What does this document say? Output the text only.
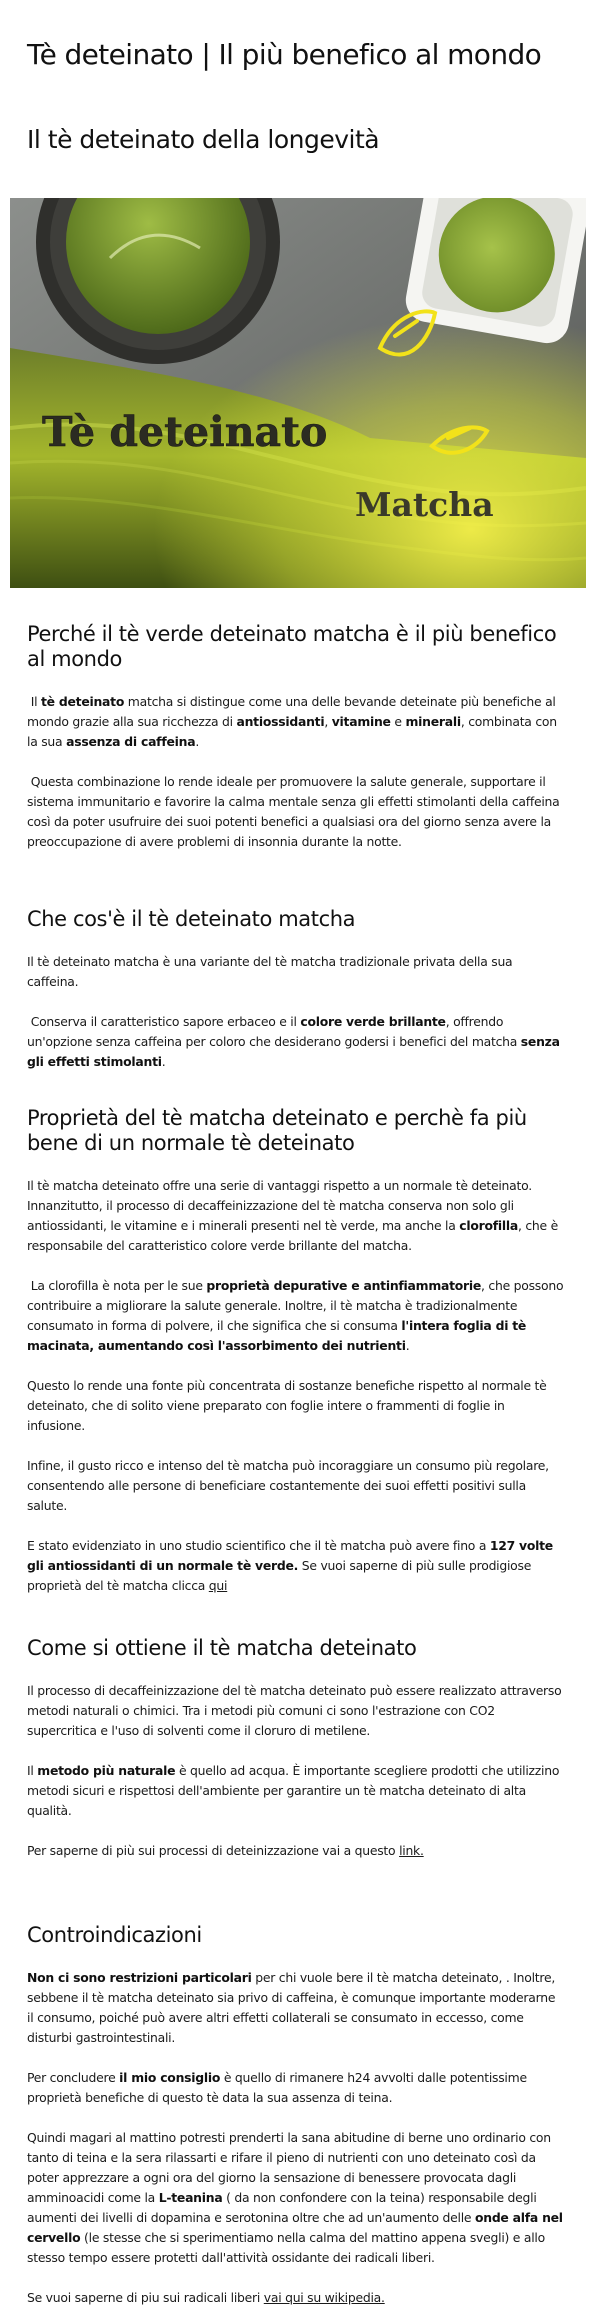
Tè deteinato | Il più benefico al mondo
Il tè deteinato della longevità
Tè deteinato
Matcha
Perché il tè verde deteinato matcha è il più benefico al mondo

Il tè deteinato matcha si distingue come una delle bevande deteinate più benefiche al mondo grazie alla sua ricchezza di antiossidanti, vitamine e minerali, combinata con la sua assenza di caffeina.

Questa combinazione lo rende ideale per promuovere la salute generale, supportare il sistema immunitario e favorire la calma mentale senza gli effetti stimolanti della caffeina così da poter usufruire dei suoi potenti benefici a qualsiasi ora del giorno senza avere la preoccupazione di avere problemi di insonnia durante la notte.

Che cos'è il tè deteinato matcha

Il tè deteinato matcha è una variante del tè matcha tradizionale privata della sua caffeina.

Conserva il caratteristico sapore erbaceo e il colore verde brillante, offrendo un'opzione senza caffeina per coloro che desiderano godersi i benefici del matcha senza gli effetti stimolanti.

Proprietà del tè matcha deteinato e perchè fa più bene di un normale tè deteinato

Il tè matcha deteinato offre una serie di vantaggi rispetto a un normale tè deteinato. Innanzitutto, il processo di decaffeinizzazione del tè matcha conserva non solo gli antiossidanti, le vitamine e i minerali presenti nel tè verde, ma anche la clorofilla, che è responsabile del caratteristico colore verde brillante del matcha.

La clorofilla è nota per le sue proprietà depurative e antinfiammatorie, che possono contribuire a migliorare la salute generale. Inoltre, il tè matcha è tradizionalmente consumato in forma di polvere, il che significa che si consuma l'intera foglia di tè macinata, aumentando così l'assorbimento dei nutrienti.

Questo lo rende una fonte più concentrata di sostanze benefiche rispetto al normale tè deteinato, che di solito viene preparato con foglie intere o frammenti di foglie in infusione.

Infine, il gusto ricco e intenso del tè matcha può incoraggiare un consumo più regolare, consentendo alle persone di beneficiare costantemente dei suoi effetti positivi sulla salute.

E stato evidenziato in uno studio scientifico che il tè matcha può avere fino a 127 volte gli antiossidanti di un normale tè verde. Se vuoi saperne di più sulle prodigiose proprietà del tè matcha clicca qui

Come si ottiene il tè matcha deteinato

Il processo di decaffeinizzazione del tè matcha deteinato può essere realizzato attraverso metodi naturali o chimici. Tra i metodi più comuni ci sono l'estrazione con CO2 supercritica e l'uso di solventi come il cloruro di metilene.

Il metodo più naturale è quello ad acqua. È importante scegliere prodotti che utilizzino metodi sicuri e rispettosi dell'ambiente per garantire un tè matcha deteinato di alta qualità.

Per saperne di più sui processi di deteinizzazione vai a questo link.

Controindicazioni

Non ci sono restrizioni particolari per chi vuole bere il tè matcha deteinato, . Inoltre, sebbene il tè matcha deteinato sia privo di caffeina, è comunque importante moderarne il consumo, poiché può avere altri effetti collaterali se consumato in eccesso, come disturbi gastrointestinali.

Per concludere il mio consiglio è quello di rimanere h24 avvolti dalle potentissime proprietà benefiche di questo tè data la sua assenza di teina.

Quindi magari al mattino potresti prenderti la sana abitudine di berne uno ordinario con tanto di teina e la sera rilassarti e rifare il pieno di nutrienti con uno deteinato così da poter apprezzare a ogni ora del giorno la sensazione di benessere provocata dagli amminoacidi come la L-teanina ( da non confondere con la teina) responsabile degli aumenti dei livelli di dopamina e serotonina oltre che ad un'aumento delle onde alfa nel cervello (le stesse che si sperimentiamo nella calma del mattino appena svegli) e allo stesso tempo essere protetti dall'attività ossidante dei radicali liberi.

Se vuoi saperne di piu sui radicali liberi vai qui su wikipedia.
